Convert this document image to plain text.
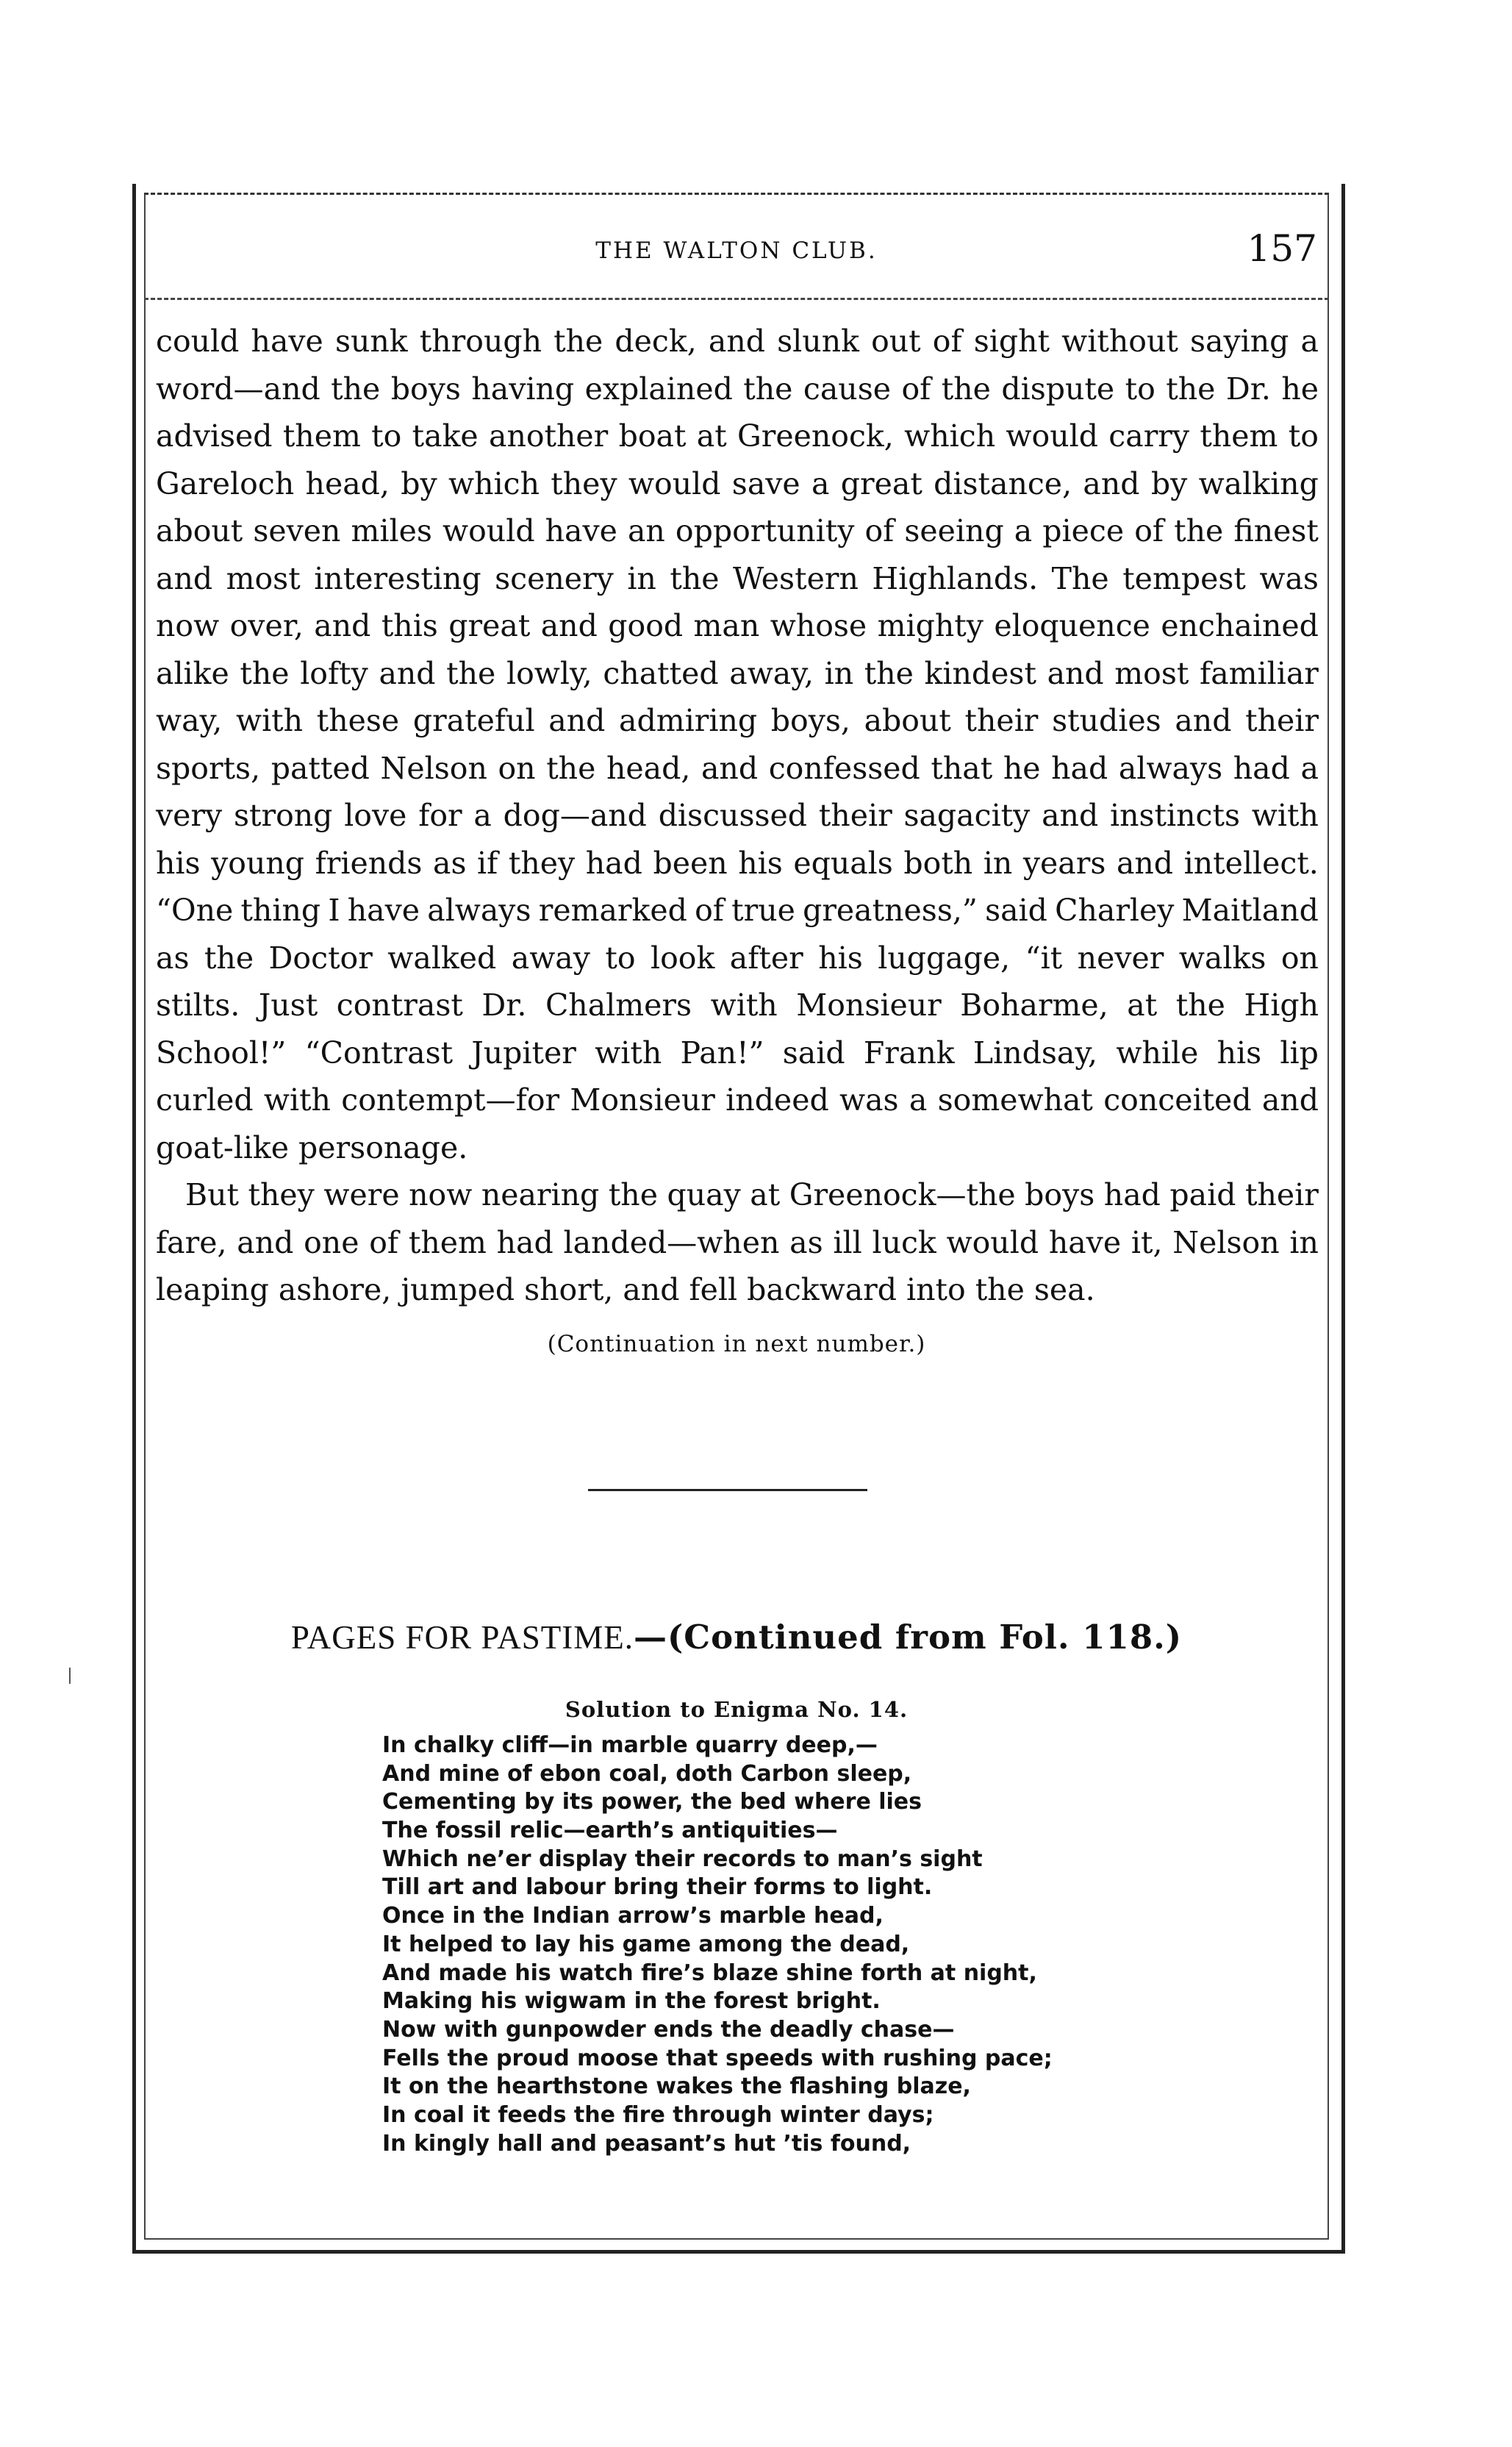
THE WALTON CLUB.	157
could have sunk through the deck, and slunk out of sight without saying a
word—and the boys having explained the cause of the dispute to the Dr. he
advised them to take another boat at Greenock, which would carry them to
Gareloch head, by which they would save a great distance, and by walking
about seven miles would have an opportunity of seeing a piece of the finest
and most interesting scenery in the Western Highlands. The tempest was
now over, and this great and good man whose mighty eloquence enchained
alike the lofty and the lowly, chatted away, in the kindest and most familiar
way, with these grateful and admiring boys, about their studies and their
sports, patted Nelson on the head, and confessed that he had always had a
very strong love for a dog—and discussed their sagacity and instincts with
his young friends as if they had been his equals both in years and intellect.
“One thing I have always remarked of true greatness,” said Charley Maitland
as the Doctor walked away to look after his luggage, “it never walks on
stilts. Just contrast Dr. Chalmers with Monsieur Boharme, at the High
School!” “Contrast Jupiter with Pan!” said Frank Lindsay, while his lip
curled with contempt—for Monsieur indeed was a somewhat conceited and
goat-like personage.
But they were now nearing the quay at Greenock—the boys had paid their
fare, and one of them had landed—when as ill luck would have it, Nelson in
leaping ashore, jumped short, and fell backward into the sea.
(Continuation in next number.)
PAGES FOR PASTIME.—(Continued from Fol. 118.)
Solution to Enigma No. 14.
In chalky cliff—in marble quarry deep,—
And mine of ebon coal, doth Carbon sleep,
Cementing by its power, the bed where lies
The fossil relic—earth’s antiquities—
Which ne’er display their records to man’s sight
Till art and labour bring their forms to light.
Once in the Indian arrow’s marble head,
It helped to lay his game among the dead,
And made his watch fire’s blaze shine forth at night,
Making his wigwam in the forest bright.
Now with gunpowder ends the deadly chase—
Fells the proud moose that speeds with rushing pace;
It on the hearthstone wakes the flashing blaze,
In coal it feeds the fire through winter days;
In kingly hall and peasant’s hut ’tis found,
